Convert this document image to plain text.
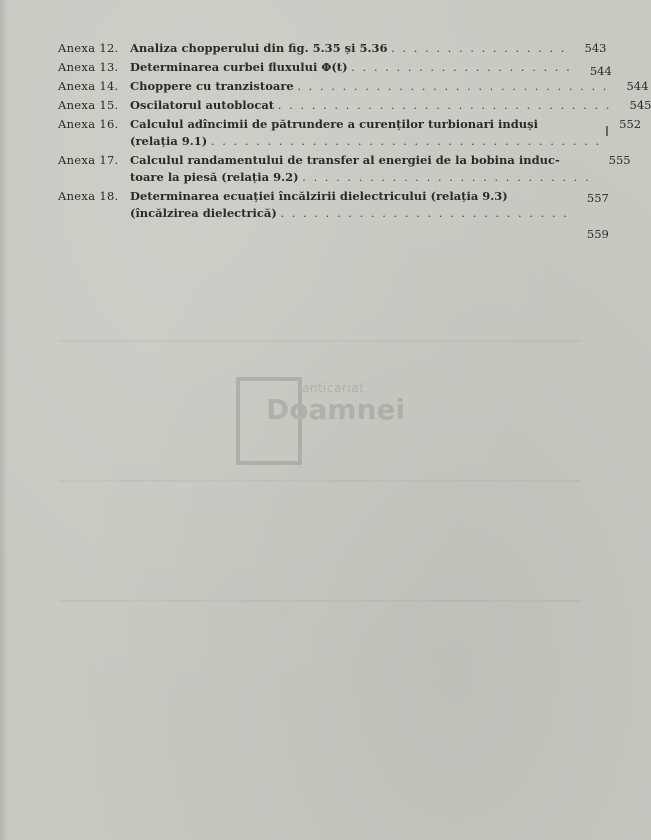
Anexa 12. Analiza chopperului din fig. 5.35 și 5.36 . . . . . . . . . . . . . . . . 543
Anexa 13. Determinarea curbei fluxului Φ(t) . . . . . . . . . . . . . . . . . . . . 544
Anexa 14. Choppere cu tranzistoare . . . . . . . . . . . . . . . . . . . . . . . . . . . . 544
Anexa 15. Oscilatorul autoblocat . . . . . . . . . . . . . . . . . . . . . . . . . . . . . . 545
Anexa 16. Calculul adîncimii de pătrundere a curenților turbionari induși
(relația 9.1) . . . . . . . . . . . . . . . . . . . . . . . . . . . . . . . . . . .
552
Anexa 17. Calculul randamentului de transfer al energiei de la bobina induc-
toare la piesă (relația 9.2) . . . . . . . . . . . . . . . . . . . . . . . . . .
555
Anexa 18. Determinarea ecuației încălzirii dielectricului (relația 9.3)
(încălzirea dielectrică) . . . . . . . . . . . . . . . . . . . . . . . . . .
557
559
anticariat
Doamnei
